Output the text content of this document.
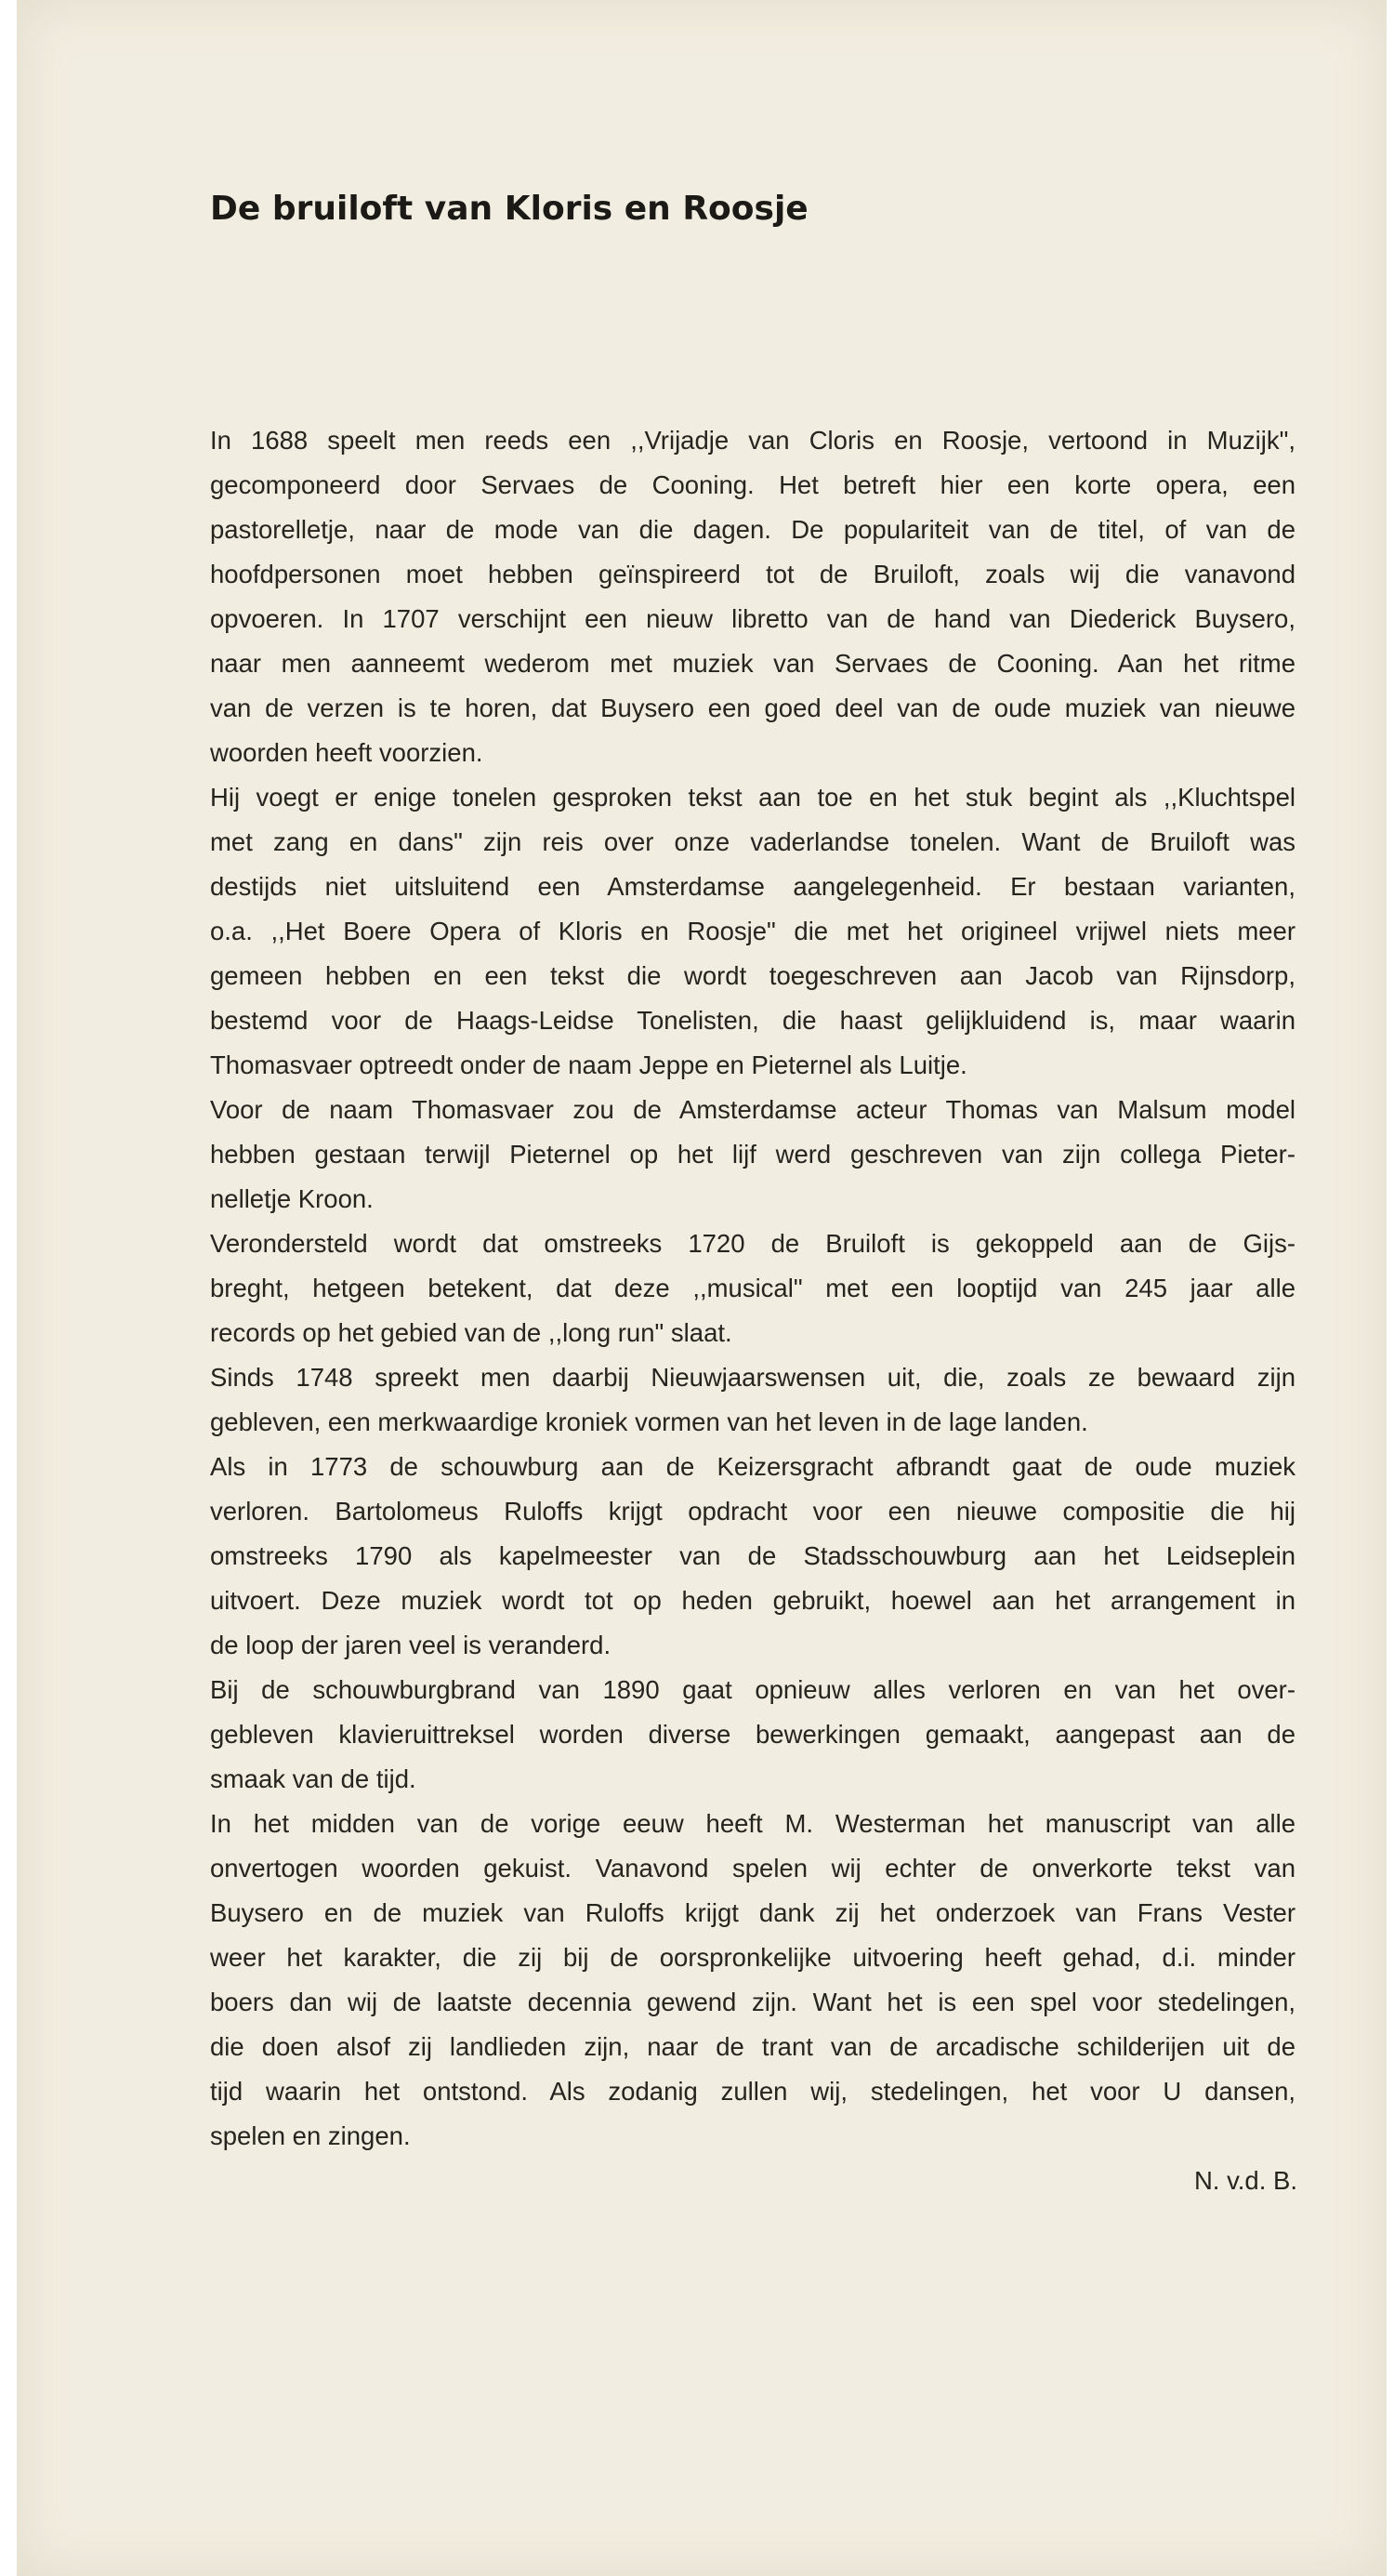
De bruiloft van Kloris en Roosje
In 1688 speelt men reeds een ,,Vrijadje van Cloris en Roosje, vertoond in Muzijk",
gecomponeerd door Servaes de Cooning. Het betreft hier een korte opera, een
pastorelletje, naar de mode van die dagen. De populariteit van de titel, of van de
hoofdpersonen moet hebben geïnspireerd tot de Bruiloft, zoals wij die vanavond
opvoeren. In 1707 verschijnt een nieuw libretto van de hand van Diederick Buysero,
naar men aanneemt wederom met muziek van Servaes de Cooning. Aan het ritme
van de verzen is te horen, dat Buysero een goed deel van de oude muziek van nieuwe
woorden heeft voorzien.
Hij voegt er enige tonelen gesproken tekst aan toe en het stuk begint als ,,Kluchtspel
met zang en dans" zijn reis over onze vaderlandse tonelen. Want de Bruiloft was
destijds niet uitsluitend een Amsterdamse aangelegenheid. Er bestaan varianten,
o.a. ,,Het Boere Opera of Kloris en Roosje" die met het origineel vrijwel niets meer
gemeen hebben en een tekst die wordt toegeschreven aan Jacob van Rijnsdorp,
bestemd voor de Haags-Leidse Tonelisten, die haast gelijkluidend is, maar waarin
Thomasvaer optreedt onder de naam Jeppe en Pieternel als Luitje.
Voor de naam Thomasvaer zou de Amsterdamse acteur Thomas van Malsum model
hebben gestaan terwijl Pieternel op het lijf werd geschreven van zijn collega Pieter-
nelletje Kroon.
Verondersteld wordt dat omstreeks 1720 de Bruiloft is gekoppeld aan de Gijs-
breght, hetgeen betekent, dat deze ,,musical" met een looptijd van 245 jaar alle
records op het gebied van de ,,long run" slaat.
Sinds 1748 spreekt men daarbij Nieuwjaarswensen uit, die, zoals ze bewaard zijn
gebleven, een merkwaardige kroniek vormen van het leven in de lage landen.
Als in 1773 de schouwburg aan de Keizersgracht afbrandt gaat de oude muziek
verloren. Bartolomeus Ruloffs krijgt opdracht voor een nieuwe compositie die hij
omstreeks 1790 als kapelmeester van de Stadsschouwburg aan het Leidseplein
uitvoert. Deze muziek wordt tot op heden gebruikt, hoewel aan het arrangement in
de loop der jaren veel is veranderd.
Bij de schouwburgbrand van 1890 gaat opnieuw alles verloren en van het over-
gebleven klavieruittreksel worden diverse bewerkingen gemaakt, aangepast aan de
smaak van de tijd.
In het midden van de vorige eeuw heeft M. Westerman het manuscript van alle
onvertogen woorden gekuist. Vanavond spelen wij echter de onverkorte tekst van
Buysero en de muziek van Ruloffs krijgt dank zij het onderzoek van Frans Vester
weer het karakter, die zij bij de oorspronkelijke uitvoering heeft gehad, d.i. minder
boers dan wij de laatste decennia gewend zijn. Want het is een spel voor stedelingen,
die doen alsof zij landlieden zijn, naar de trant van de arcadische schilderijen uit de
tijd waarin het ontstond. Als zodanig zullen wij, stedelingen, het voor U dansen,
spelen en zingen.

N. v.d. B.
